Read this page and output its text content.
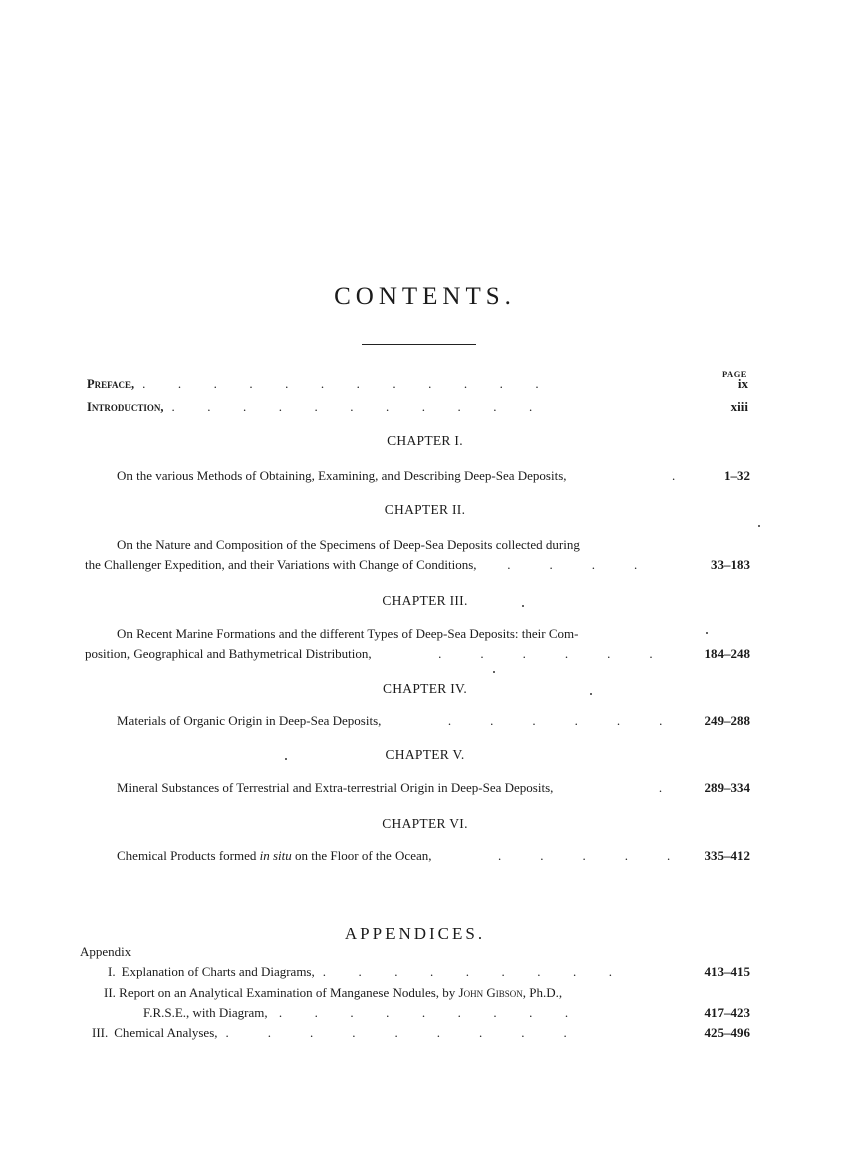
CONTENTS.
PAGE
Preface, .          .          .          .          .          .          .          .          .          .          .          .	ix
Introduction, .          .          .          .          .          .          .          .          .          .          .	xiii
CHAPTER I.
On the various Methods of Obtaining, Examining, and Describing Deep-Sea Deposits, .	1–32
CHAPTER II.
On the Nature and Composition of the Specimens of Deep-Sea Deposits collected during
the Challenger Expedition, and their Variations with Change of Conditions, .            .            .            .	33–183
CHAPTER III.
On Recent Marine Formations and the different Types of Deep-Sea Deposits: their Com-
position, Geographical and Bathymetrical Distribution, .            .            .            .            .            .	184–248
CHAPTER IV.
Materials of Organic Origin in Deep-Sea Deposits, .            .            .            .            .            .	249–288
CHAPTER V.
Mineral Substances of Terrestrial and Extra-terrestrial Origin in Deep-Sea Deposits, .	289–334
CHAPTER VI.
Chemical Products formed in situ on the Floor of the Ocean, .            .            .            .            .	335–412
APPENDICES.
Appendix
I. Explanation of Charts and Diagrams, .          .          .          .          .          .          .          .          .	413–415
II. Report on an Analytical Examination of Manganese Nodules, by John Gibson, Ph.D.,
F.R.S.E., with Diagram, .          .          .          .          .          .          .          .          .	417–423
III. Chemical Analyses, .            .            .            .            .            .            .            .            .	425–496
